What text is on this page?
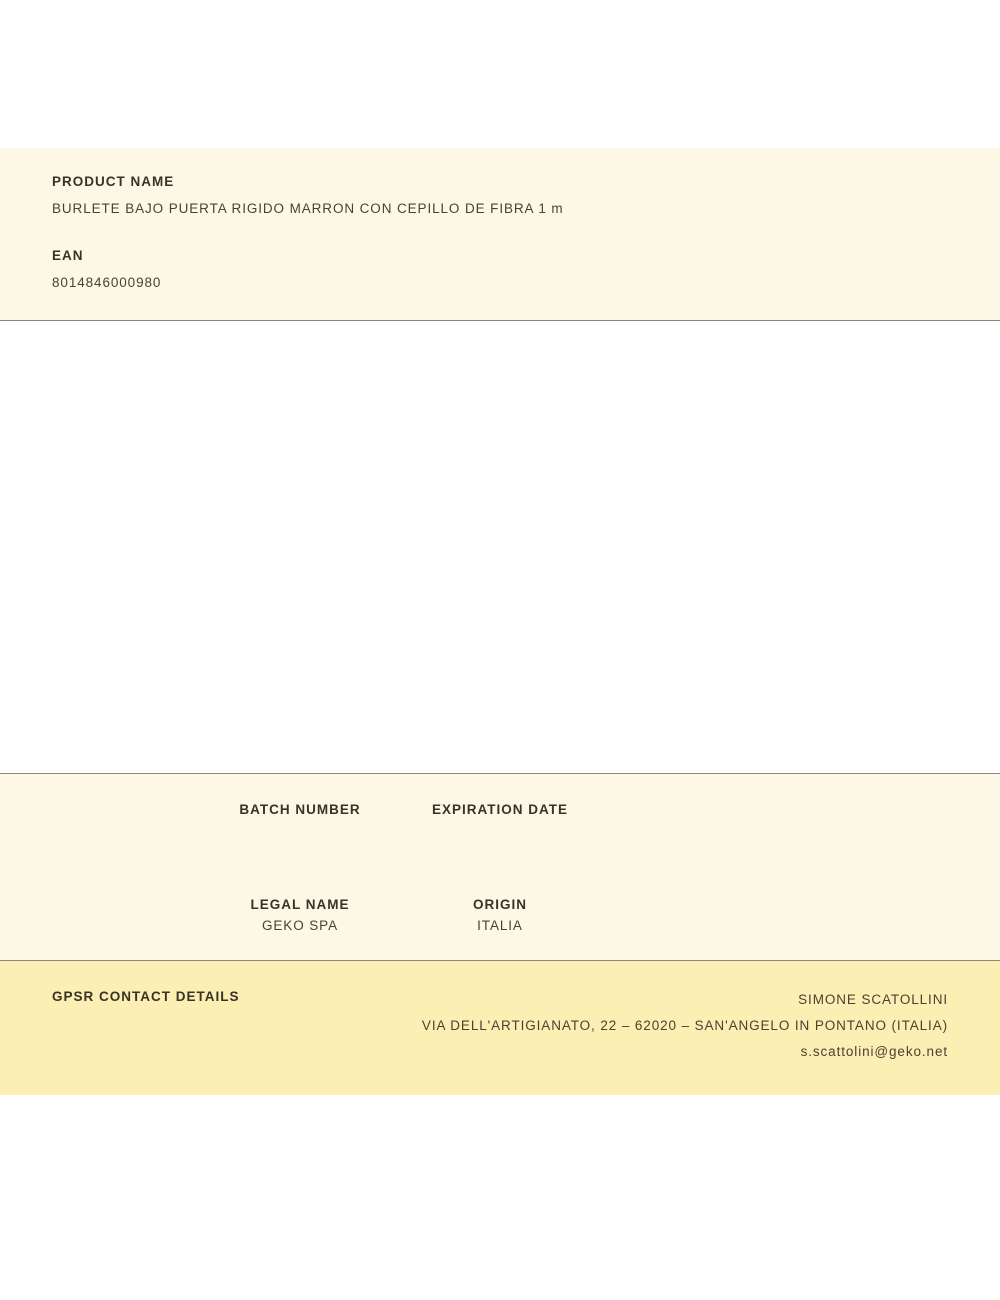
PRODUCT NAME
BURLETE BAJO PUERTA RIGIDO MARRON CON CEPILLO DE FIBRA 1 m
EAN
8014846000980
BATCH NUMBER	EXPIRATION DATE
LEGAL NAME
GEKO SPA
ORIGIN
ITALIA
GPSR CONTACT DETAILS	SIMONE SCATOLLINI
VIA DELL'ARTIGIANATO, 22 – 62020 – SAN'ANGELO IN PONTANO (ITALIA)
s.scattolini@geko.net
